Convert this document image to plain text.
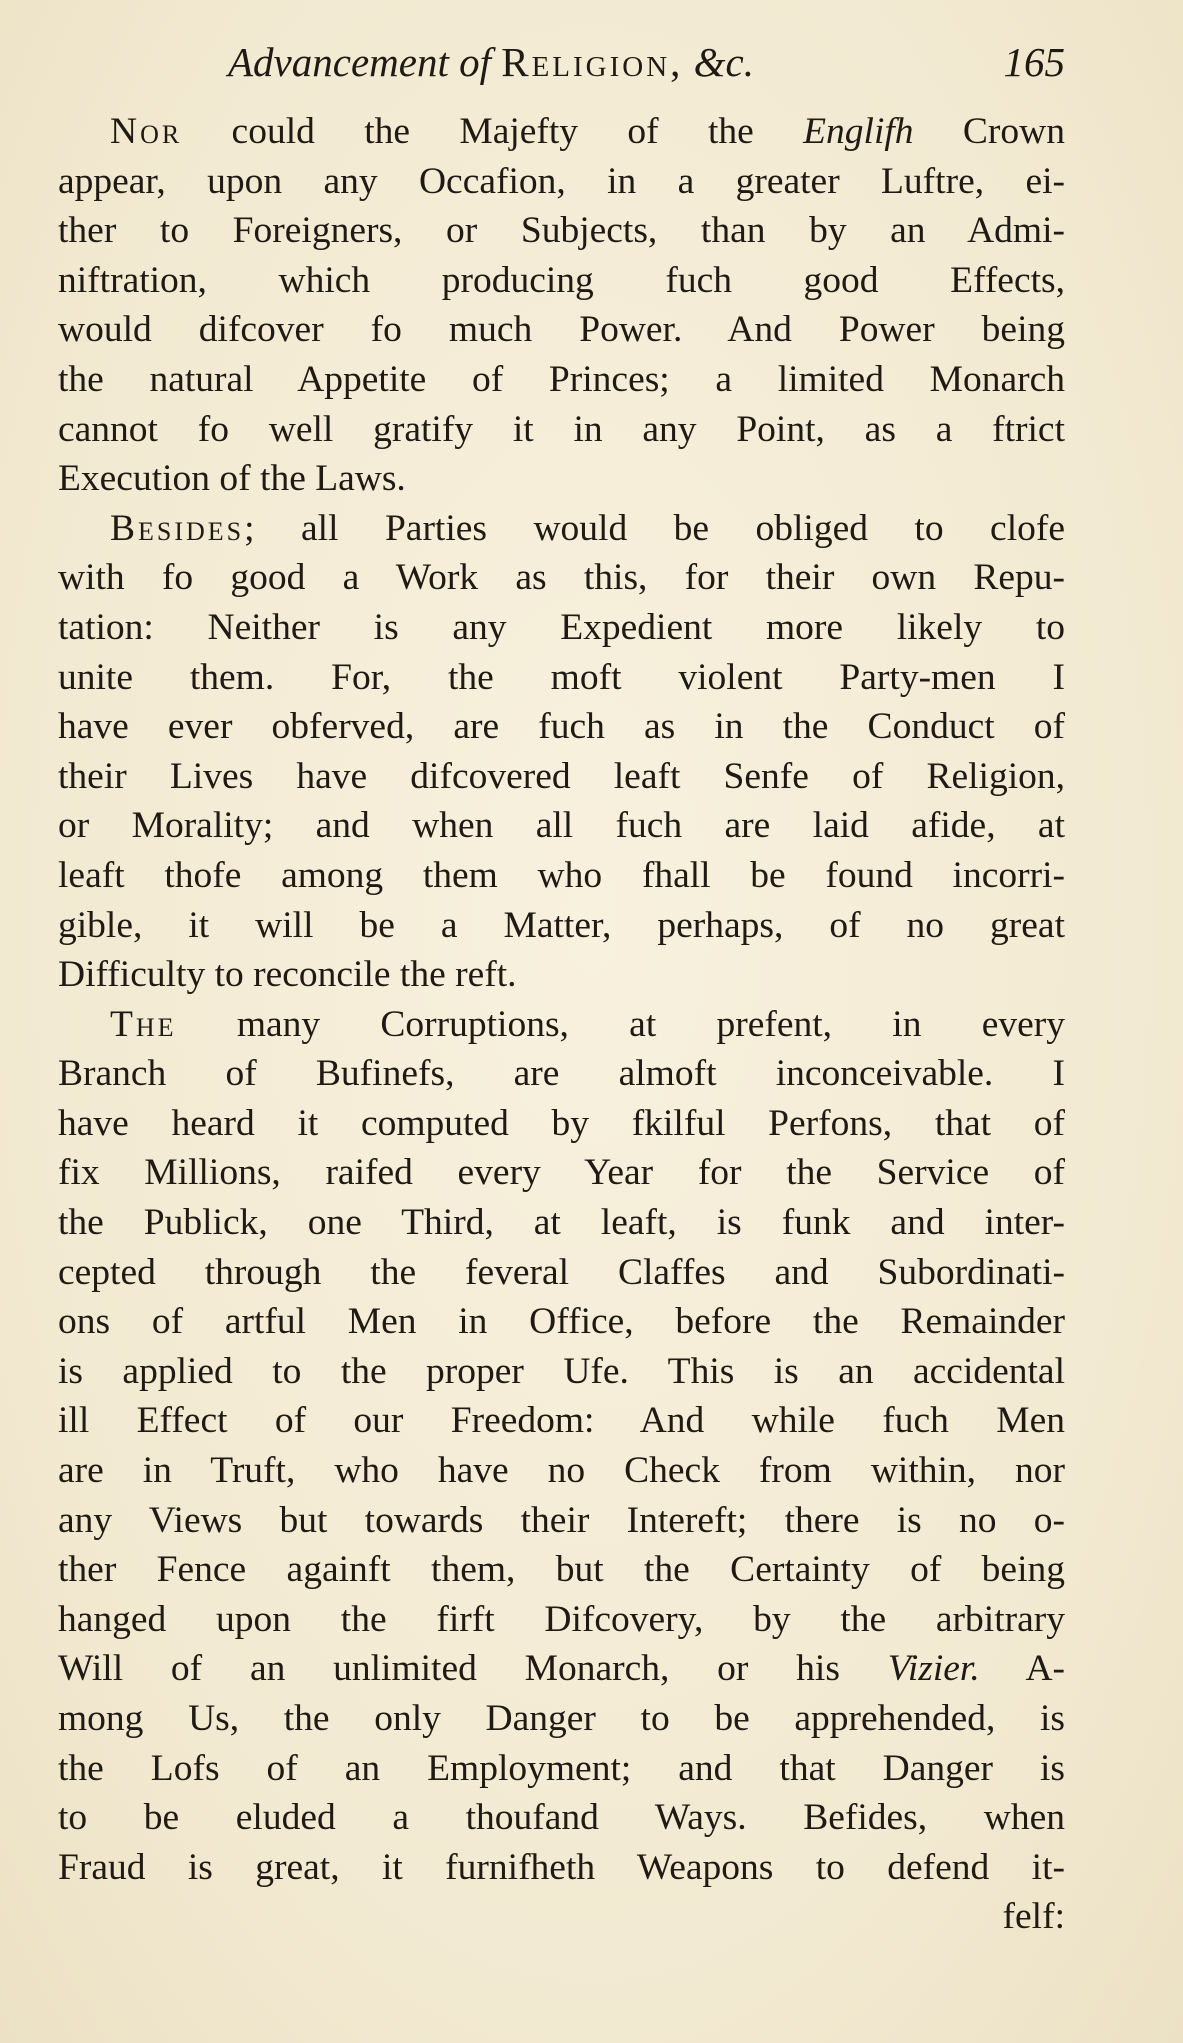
Advancement of Religion, &c.	165
Nor could the Majefty of the Englifh Crown
appear, upon any Occafion, in a greater Luftre, ei-
ther to Foreigners, or Subjects, than by an Admi-
niftration, which producing fuch good Effects,
would difcover fo much Power. And Power being
the natural Appetite of Princes; a limited Monarch
cannot fo well gratify it in any Point, as a ftrict
Execution of the Laws.
Besides; all Parties would be obliged to clofe
with fo good a Work as this, for their own Repu-
tation: Neither is any Expedient more likely to
unite them. For, the moft violent Party-men I
have ever obferved, are fuch as in the Conduct of
their Lives have difcovered leaft Senfe of Religion,
or Morality; and when all fuch are laid afide, at
leaft thofe among them who fhall be found incorri-
gible, it will be a Matter, perhaps, of no great
Difficulty to reconcile the reft.
The many Corruptions, at prefent, in every
Branch of Bufinefs, are almoft inconceivable. I
have heard it computed by fkilful Perfons, that of
fix Millions, raifed every Year for the Service of
the Publick, one Third, at leaft, is funk and inter-
cepted through the feveral Claffes and Subordinati-
ons of artful Men in Office, before the Remainder
is applied to the proper Ufe. This is an accidental
ill Effect of our Freedom: And while fuch Men
are in Truft, who have no Check from within, nor
any Views but towards their Intereft; there is no o-
ther Fence againft them, but the Certainty of being
hanged upon the firft Difcovery, by the arbitrary
Will of an unlimited Monarch, or his Vizier. A-
mong Us, the only Danger to be apprehended, is
the Lofs of an Employment; and that Danger is
to be eluded a thoufand Ways. Befides, when
Fraud is great, it furnifheth Weapons to defend it-
felf:
